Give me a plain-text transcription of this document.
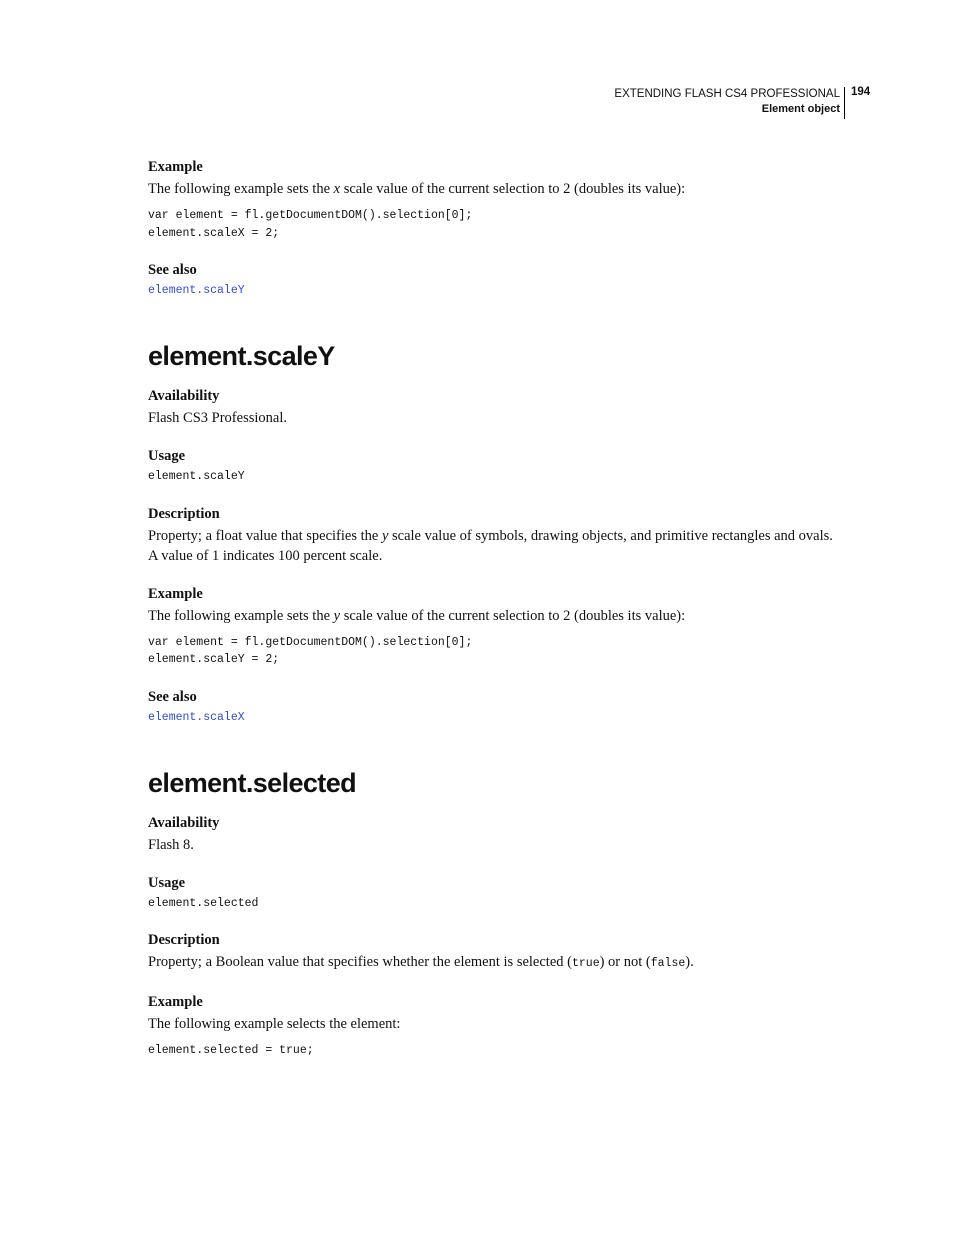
EXTENDING FLASH CS4 PROFESSIONAL
Element object
194
Example

The following example sets the x scale value of the current selection to 2 (doubles its value):

var element = fl.getDocumentDOM().selection[0];
element.scaleX = 2;
See also
element.scaleY
element.scaleY
Availability

Flash CS3 Professional.

Usage
element.scaleY
Description

Property; a float value that specifies the y scale value of symbols, drawing objects, and primitive rectangles and ovals.
A value of 1 indicates 100 percent scale.

Example

The following example sets the y scale value of the current selection to 2 (doubles its value):

var element = fl.getDocumentDOM().selection[0];
element.scaleY = 2;
See also
element.scaleX
element.selected
Availability

Flash 8.

Usage
element.selected
Description

Property; a Boolean value that specifies whether the element is selected (true) or not (false).

Example

The following example selects the element:

element.selected = true;
